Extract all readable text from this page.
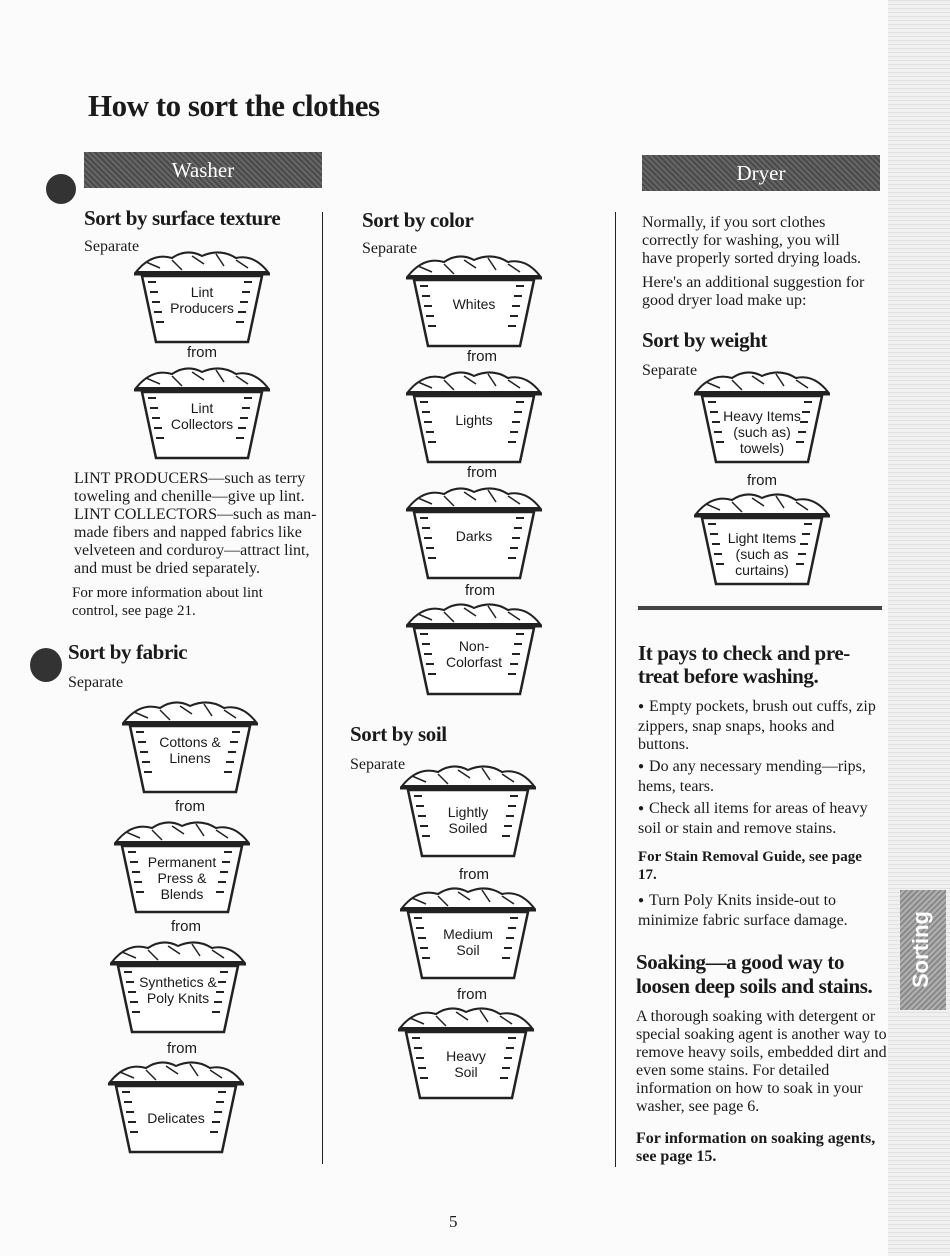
Sorting
How to sort the clothes
Washer	Dryer
Sort by surface texture
Separate
Lint
Producers
from
Lint
Collectors
LINT PRODUCERS—such as terry toweling and chenille—give up lint. LINT COLLECTORS—such as man-made fibers and napped fabrics like velveteen and corduroy—attract lint, and must be dried separately.
For more information about lint control, see page 21.
Sort by fabric
Separate
Cottons &
Linens
from
Permanent
Press &
Blends
from
Synthetics &
Poly Knits
from
Delicates
Sort by color
Separate
Whites
from
Lights
from
Darks
from
Non-
Colorfast
Sort by soil
Separate
Lightly
Soiled
from
Medium
Soil
from
Heavy
Soil
Normally, if you sort clothes correctly for washing, you will have properly sorted drying loads.
Here's an additional suggestion for good dryer load make up:
Sort by weight
Separate
Heavy Items
(such as)
towels)
from
Light Items
(such as
curtains)
It pays to check and pre-treat before washing.
● Empty pockets, brush out cuffs, zip zippers, snap snaps, hooks and buttons.
● Do any necessary mending—rips, hems, tears.
● Check all items for areas of heavy soil or stain and remove stains.
For Stain Removal Guide, see page 17.
● Turn Poly Knits inside-out to minimize fabric surface damage.
Soaking—a good way to loosen deep soils and stains.
A thorough soaking with detergent or special soaking agent is another way to remove heavy soils, embedded dirt and even some stains. For detailed information on how to soak in your washer, see page 6.
For information on soaking agents, see page 15.
5
